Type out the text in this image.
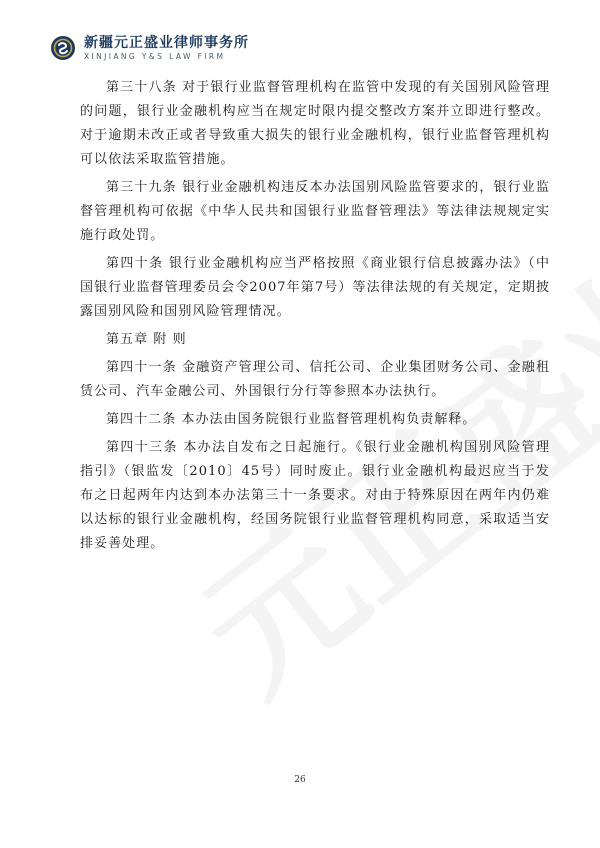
新疆元正盛业律师事务所
XINJIANG Y&S LAW FIRM

第三十八条 对于银行业监督管理机构在监管中发现的有关国别风险管理的问题，银行业金融机构应当在规定时限内提交整改方案并立即进行整改。对于逾期未改正或者导致重大损失的银行业金融机构，银行业监督管理机构可以依法采取监管措施。

第三十九条 银行业金融机构违反本办法国别风险监管要求的，银行业监督管理机构可依据《中华人民共和国银行业监督管理法》等法律法规规定实施行政处罚。

第四十条 银行业金融机构应当严格按照《商业银行信息披露办法》（中国银行业监督管理委员会令2007年第7号）等法律法规的有关规定，定期披露国别风险和国别风险管理情况。

第五章 附 则

第四十一条 金融资产管理公司、信托公司、企业集团财务公司、金融租赁公司、汽车金融公司、外国银行分行等参照本办法执行。

第四十二条 本办法由国务院银行业监督管理机构负责解释。

第四十三条 本办法自发布之日起施行。《银行业金融机构国别风险管理指引》（银监发〔2010〕45号）同时废止。银行业金融机构最迟应当于发布之日起两年内达到本办法第三十一条要求。对由于特殊原因在两年内仍难以达标的银行业金融机构，经国务院银行业监督管理机构同意，采取适当安排妥善处理。

26
